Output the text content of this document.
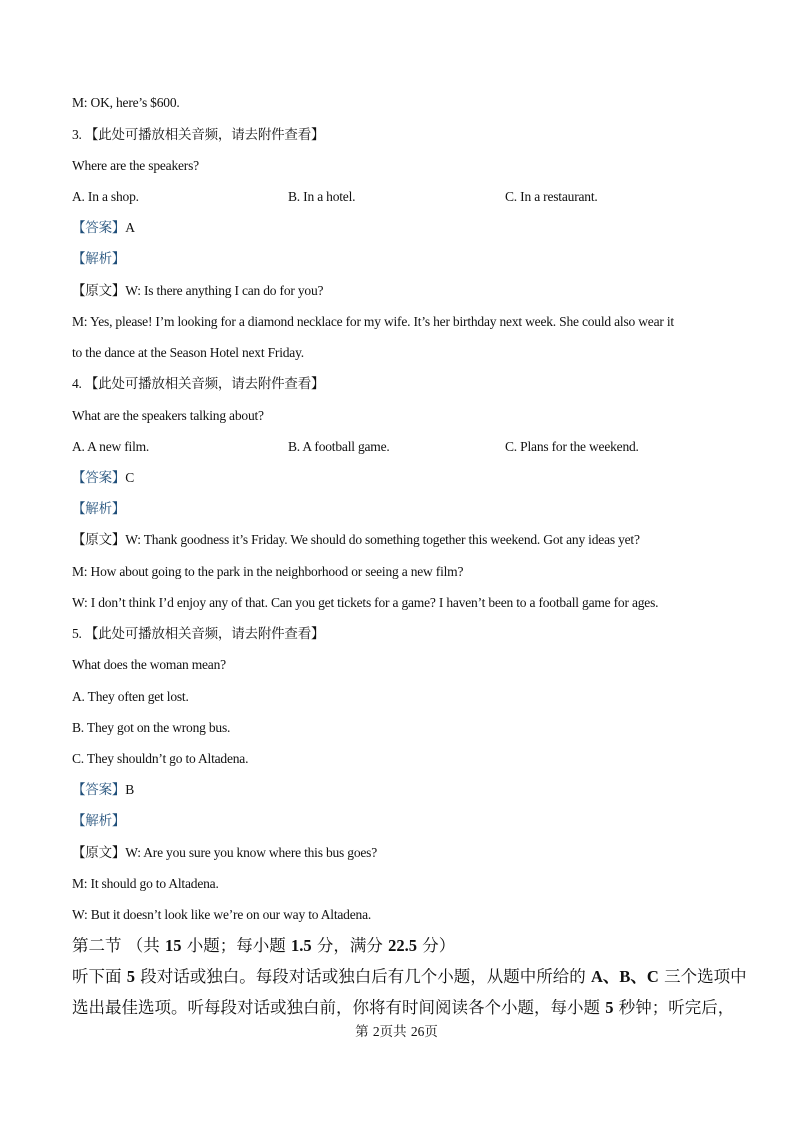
M: OK, here’s $600.
3. 【此处可播放相关音频，请去附件查看】
Where are the speakers?
A. In a shop.	B. In a hotel.	C. In a restaurant.
【答案】A
【解析】
【原文】W: Is there anything I can do for you?
M: Yes, please! I’m looking for a diamond necklace for my wife. It’s her birthday next week. She could also wear it
to the dance at the Season Hotel next Friday.
4. 【此处可播放相关音频，请去附件查看】
What are the speakers talking about?
A. A new film.	B. A football game.	C. Plans for the weekend.
【答案】C
【解析】
【原文】W: Thank goodness it’s Friday. We should do something together this weekend. Got any ideas yet?
M: How about going to the park in the neighborhood or seeing a new film?
W: I don’t think I’d enjoy any of that. Can you get tickets for a game? I haven’t been to a football game for ages.
5. 【此处可播放相关音频，请去附件查看】
What does the woman mean?
A. They often get lost.
B. They got on the wrong bus.
C. They shouldn’t go to Altadena.
【答案】B
【解析】
【原文】W: Are you sure you know where this bus goes?
M: It should go to Altadena.
W: But it doesn’t look like we’re on our way to Altadena.
第二节 （共 15 小题；每小题 1.5 分，满分 22.5 分）
听下面 5 段对话或独白。每段对话或独白后有几个小题，从题中所给的 A、B、C 三个选项中
选出最佳选项。听每段对话或独白前，你将有时间阅读各个小题，每小题 5 秒钟；听完后，
第 2页共 26页
